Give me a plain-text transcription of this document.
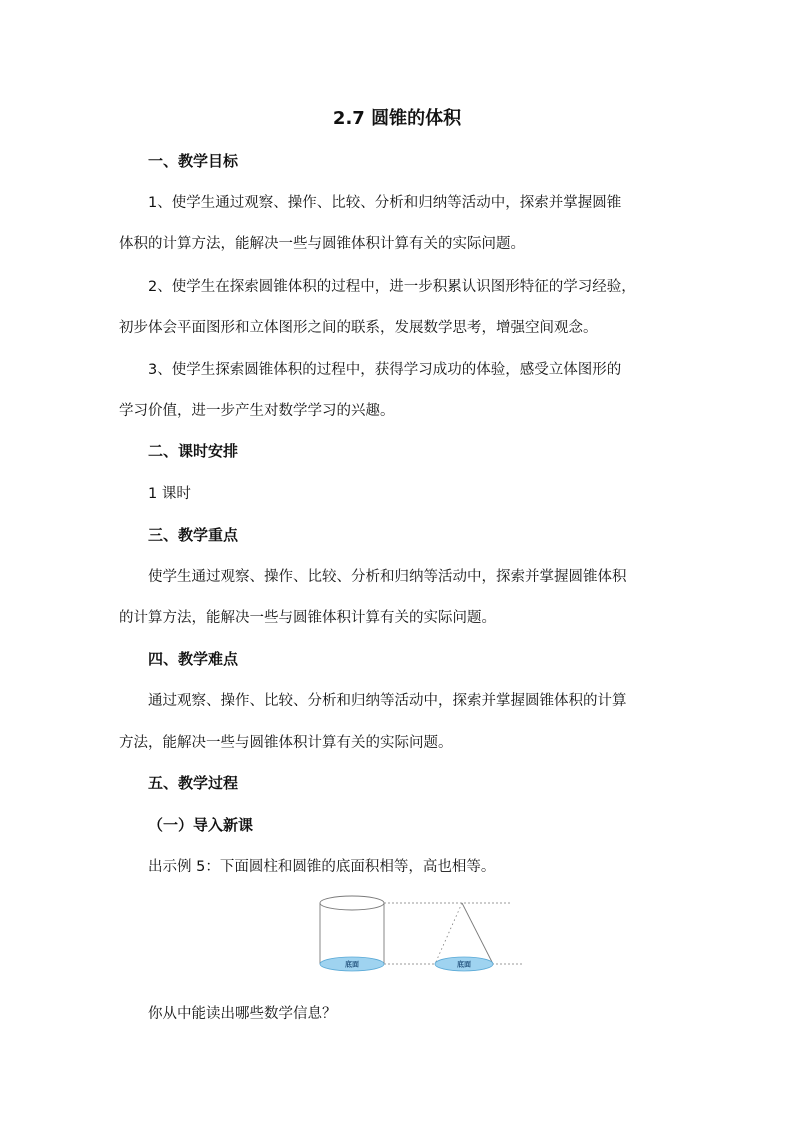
2.7 圆锥的体积
一、教学目标
1、使学生通过观察、操作、比较、分析和归纳等活动中，探索并掌握圆锥
体积的计算方法，能解决一些与圆锥体积计算有关的实际问题。
2、使学生在探索圆锥体积的过程中，进一步积累认识图形特征的学习经验，
初步体会平面图形和立体图形之间的联系，发展数学思考，增强空间观念。
3、使学生探索圆锥体积的过程中，获得学习成功的体验，感受立体图形的
学习价值，进一步产生对数学学习的兴趣。
二、课时安排
1 课时
三、教学重点
使学生通过观察、操作、比较、分析和归纳等活动中，探索并掌握圆锥体积
的计算方法，能解决一些与圆锥体积计算有关的实际问题。
四、教学难点
通过观察、操作、比较、分析和归纳等活动中，探索并掌握圆锥体积的计算
方法，能解决一些与圆锥体积计算有关的实际问题。
五、教学过程
（一）导入新课
出示例 5：下面圆柱和圆锥的底面积相等，高也相等。
底面	底面
你从中能读出哪些数学信息？
